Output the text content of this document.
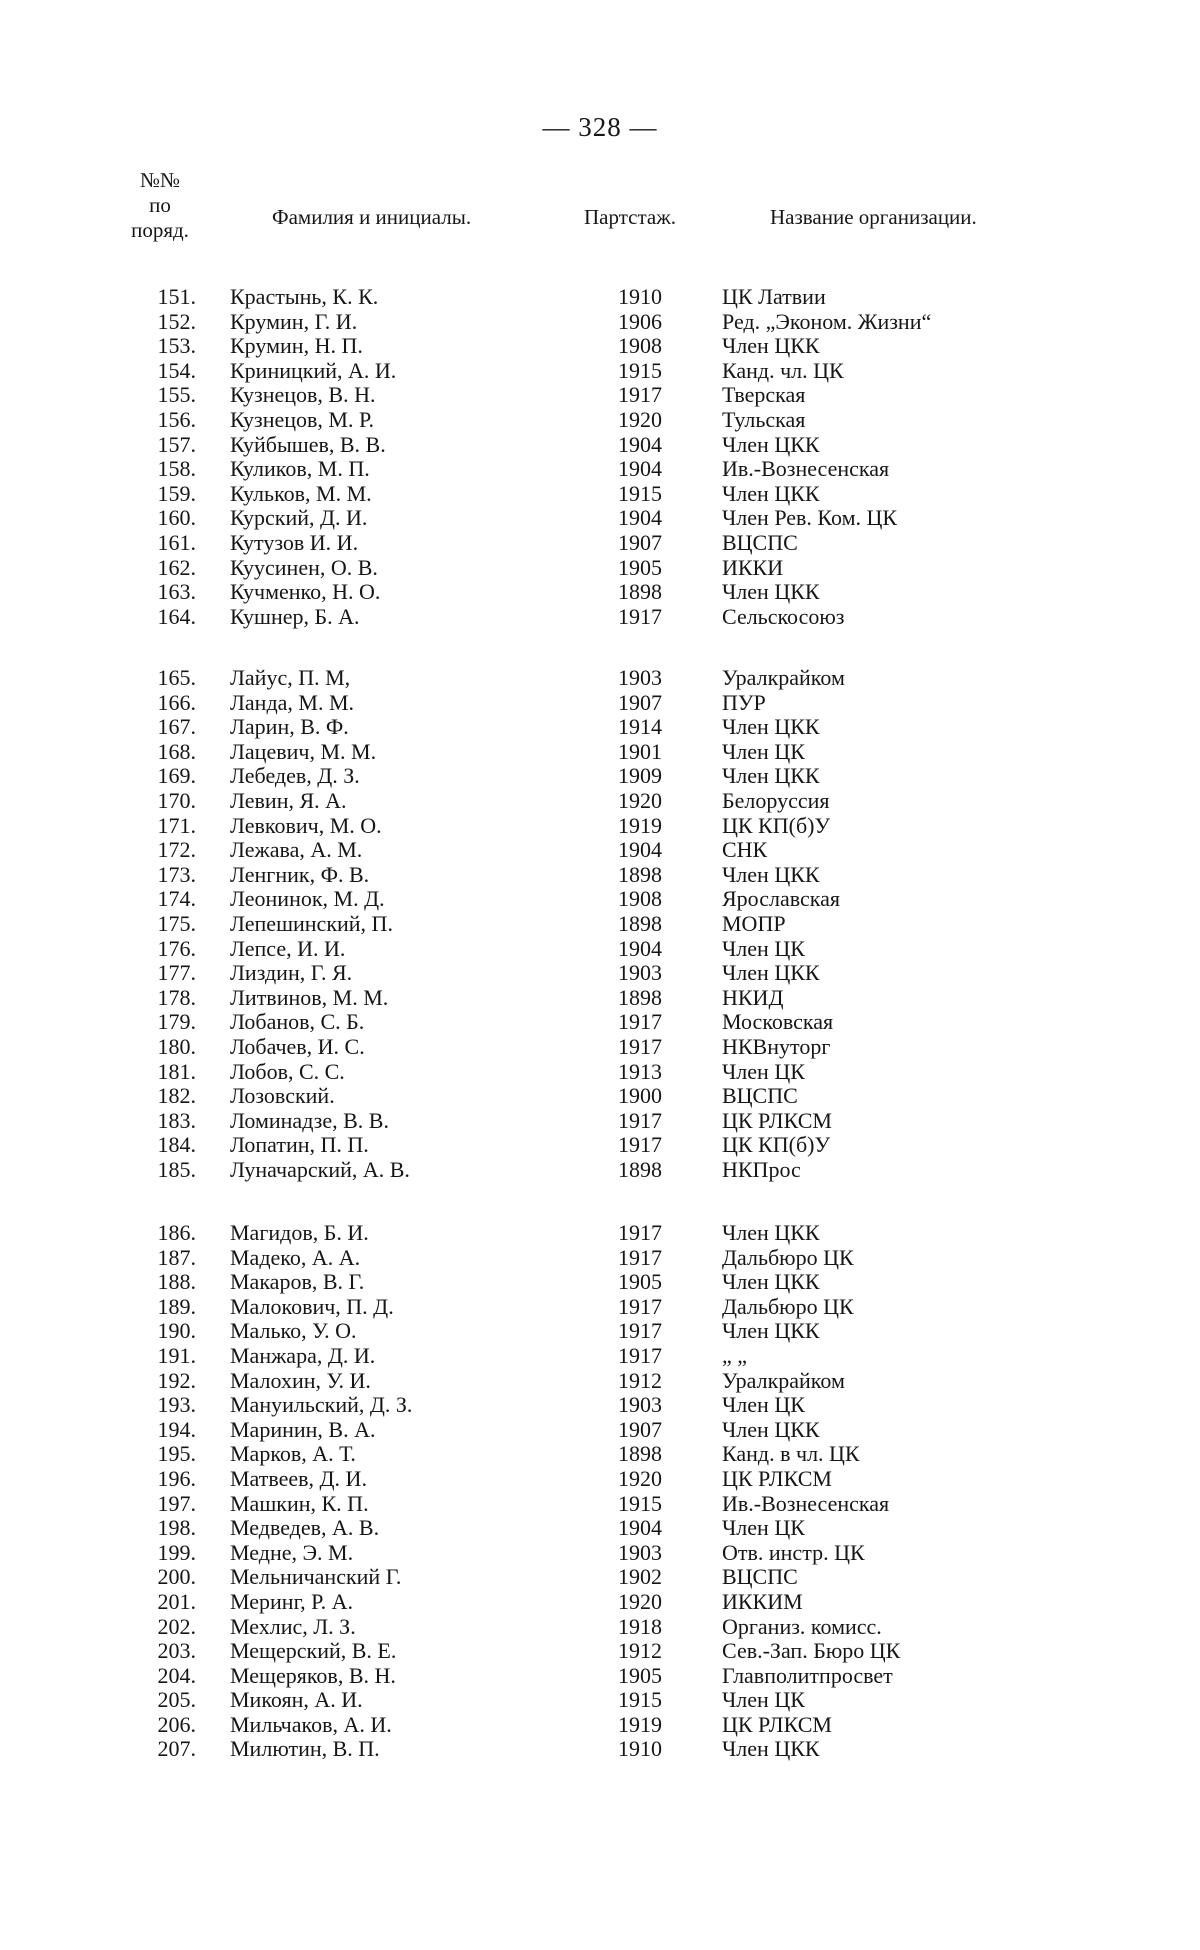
— 328 —
№№
по
поряд.
Фамилия и инициалы.	Партстаж.	Название организации.
151. Крастынь, К. К.	1910	ЦК Латвии
152. Крумин, Г. И.	1906	Ред. „Эконом. Жизни“
153. Крумин, Н. П.	1908	Член ЦКК
154. Криницкий, А. И.	1915	Канд. чл. ЦК
155. Кузнецов, В. Н.	1917	Тверская
156. Кузнецов, М. Р.	1920	Тульская
157. Куйбышев, В. В.	1904	Член ЦКК
158. Куликов, М. П.	1904	Ив.-Вознесенская
159. Кульков, М. М.	1915	Член ЦКК
160. Курский, Д. И.	1904	Член Рев. Ком. ЦК
161. Кутузов И. И.	1907	ВЦСПС
162. Куусинен, О. В.	1905	ИККИ
163. Кучменко, Н. О.	1898	Член ЦКК
164. Кушнер, Б. А.	1917	Сельскосоюз
165. Лайус, П. М,	1903	Уралкрайком
166. Ланда, М. М.	1907	ПУР
167. Ларин, В. Ф.	1914	Член ЦКК
168. Лацевич, М. М.	1901	Член ЦК
169. Лебедев, Д. З.	1909	Член ЦКК
170. Левин, Я. А.	1920	Белоруссия
171. Левкович, М. О.	1919	ЦК КП(б)У
172. Лежава, А. М.	1904	СНК
173. Ленгник, Ф. В.	1898	Член ЦКК
174. Леонинок, М. Д.	1908	Ярославская
175. Лепешинский, П.	1898	МОПР
176. Лепсе, И. И.	1904	Член ЦК
177. Лиздин, Г. Я.	1903	Член ЦКК
178. Литвинов, М. М.	1898	НКИД
179. Лобанов, С. Б.	1917	Московская
180. Лобачев, И. С.	1917	НКВнуторг
181. Лобов, С. С.	1913	Член ЦК
182. Лозовский.	1900	ВЦСПС
183. Ломинадзе, В. В.	1917	ЦК РЛКСМ
184. Лопатин, П. П.	1917	ЦК КП(б)У
185. Луначарский, А. В.	1898	НКПрос
186. Магидов, Б. И.	1917	Член ЦКК
187. Мадеко, А. А.	1917	Дальбюро ЦК
188. Макаров, В. Г.	1905	Член ЦКК
189. Малокович, П. Д.	1917	Дальбюро ЦК
190. Малько, У. О.	1917	Член ЦКК
191. Манжара, Д. И.	1917	„ „
192. Малохин, У. И.	1912	Уралкрайком
193. Мануильский, Д. З.	1903	Член ЦК
194. Маринин, В. А.	1907	Член ЦКК
195. Марков, А. Т.	1898	Канд. в чл. ЦК
196. Матвеев, Д. И.	1920	ЦК РЛКСМ
197. Машкин, К. П.	1915	Ив.-Вознесенская
198. Медведев, А. В.	1904	Член ЦК
199. Медне, Э. М.	1903	Отв. инстр. ЦК
200. Мельничанский Г.	1902	ВЦСПС
201. Меринг, Р. А.	1920	ИККИМ
202. Мехлис, Л. З.	1918	Организ. комисс.
203. Мещерский, В. Е.	1912	Сев.-Зап. Бюро ЦК
204. Мещеряков, В. Н.	1905	Главполитпросвет
205. Микоян, А. И.	1915	Член ЦК
206. Мильчаков, А. И.	1919	ЦК РЛКСМ
207. Милютин, В. П.	1910	Член ЦКК
